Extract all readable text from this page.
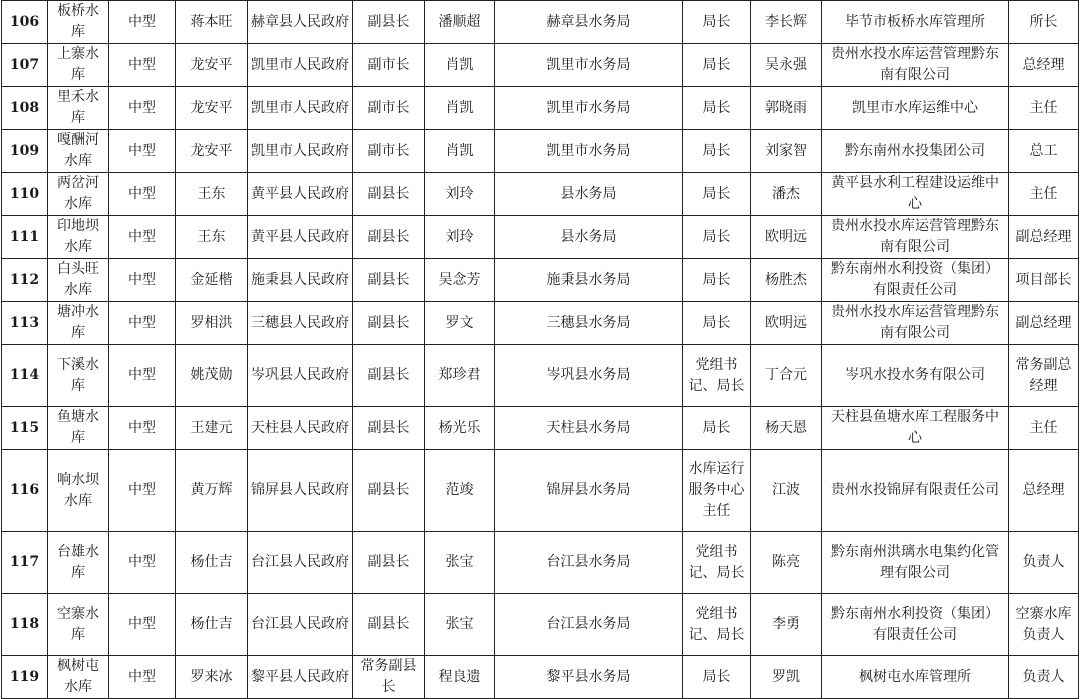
106	板桥水库	中型	蒋本旺	赫章县人民政府	副县长	潘顺超	赫章县水务局	局长	李长辉	毕节市板桥水库管理所	所长
107	上寨水库	中型	龙安平	凯里市人民政府	副市长	肖凯	凯里市水务局	局长	吴永强	贵州水投水库运营管理黔东南有限公司	总经理
108	里禾水库	中型	龙安平	凯里市人民政府	副市长	肖凯	凯里市水务局	局长	郭晓雨	凯里市水库运维中心	主任
109	嘎酬河水库	中型	龙安平	凯里市人民政府	副市长	肖凯	凯里市水务局	局长	刘家智	黔东南州水投集团公司	总工
110	两岔河水库	中型	王东	黄平县人民政府	副县长	刘玲	县水务局	局长	潘杰	黄平县水利工程建设运维中心	主任
111	印地坝水库	中型	王东	黄平县人民政府	副县长	刘玲	县水务局	局长	欧明远	贵州水投水库运营管理黔东南有限公司	副总经理
112	白头旺水库	中型	金延楷	施秉县人民政府	副县长	吴念芳	施秉县水务局	局长	杨胜杰	黔东南州水利投资（集团）有限责任公司	项目部长
113	塘冲水库	中型	罗相洪	三穗县人民政府	副县长	罗文	三穗县水务局	局长	欧明远	贵州水投水库运营管理黔东南有限公司	副总经理
114	下溪水库	中型	姚茂勋	岑巩县人民政府	副县长	郑珍君	岑巩县水务局	党组书记、局长	丁合元	岑巩水投水务有限公司	常务副总经理
115	鱼塘水库	中型	王建元	天柱县人民政府	副县长	杨光乐	天柱县水务局	局长	杨天恩	天柱县鱼塘水库工程服务中心	主任
116	响水坝水库	中型	黄万辉	锦屏县人民政府	副县长	范竣	锦屏县水务局	水库运行服务中心主任	江波	贵州水投锦屏有限责任公司	总经理
117	台雄水库	中型	杨仕吉	台江县人民政府	副县长	张宝	台江县水务局	党组书记、局长	陈亮	黔东南州洪璃水电集约化管理有限公司	负责人
118	空寨水库	中型	杨仕吉	台江县人民政府	副县长	张宝	台江县水务局	党组书记、局长	李勇	黔东南州水利投资（集团）有限责任公司	空寨水库负责人
119	枫树屯水库	中型	罗来冰	黎平县人民政府	常务副县长	程良遗	黎平县水务局	局长	罗凯	枫树屯水库管理所	负责人
